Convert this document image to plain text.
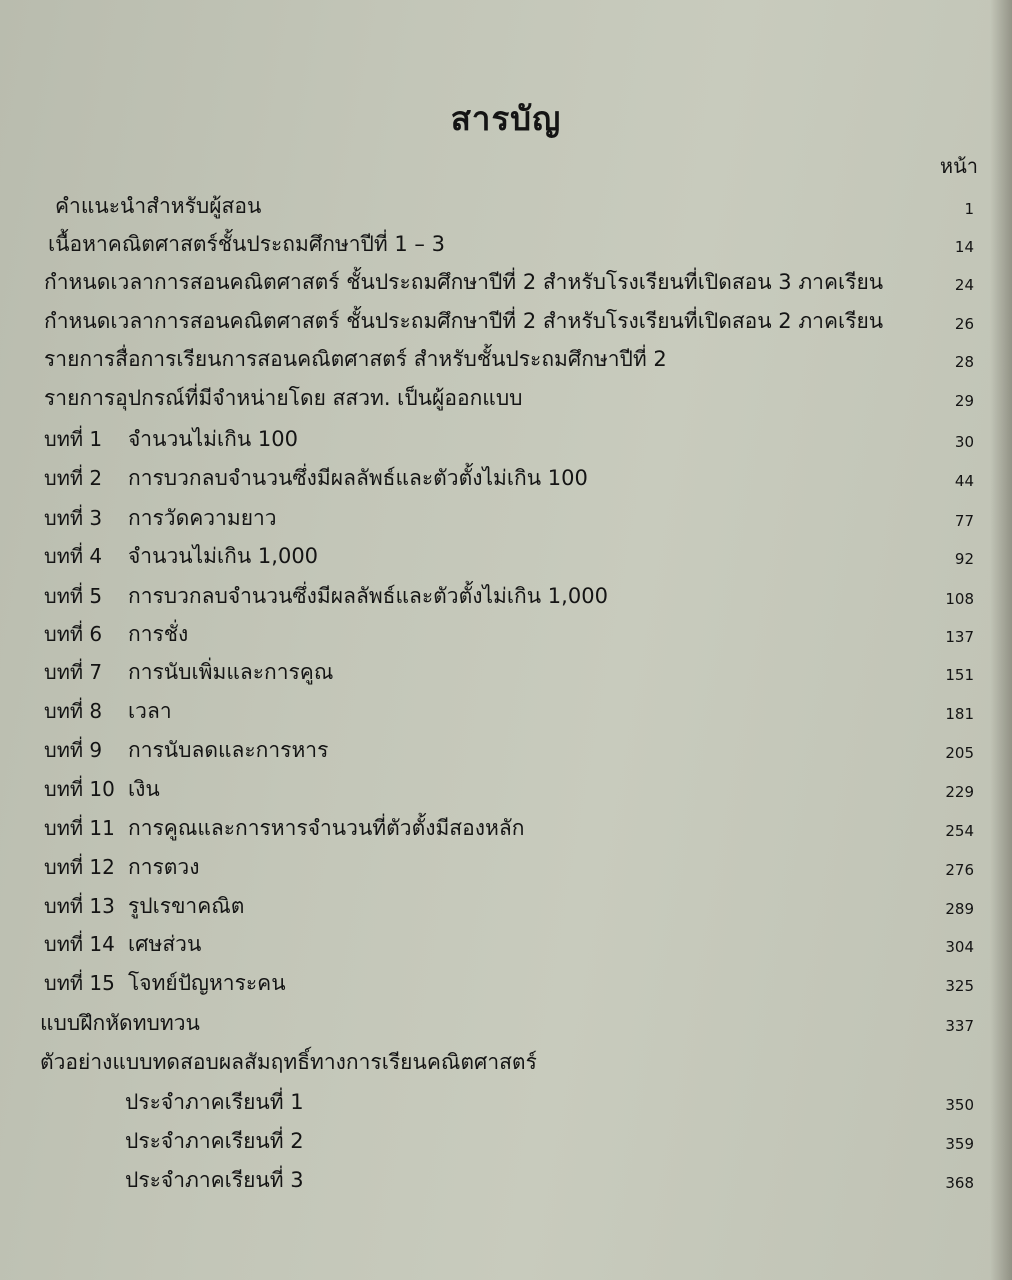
สารบัญ
หน้า
คำแนะนำสำหรับผู้สอน	1
เนื้อหาคณิตศาสตร์ชั้นประถมศึกษาปีที่ 1 – 3	14
กำหนดเวลาการสอนคณิตศาสตร์ ชั้นประถมศึกษาปีที่ 2 สำหรับโรงเรียนที่เปิดสอน 3 ภาคเรียน	24
กำหนดเวลาการสอนคณิตศาสตร์ ชั้นประถมศึกษาปีที่ 2 สำหรับโรงเรียนที่เปิดสอน 2 ภาคเรียน	26
รายการสื่อการเรียนการสอนคณิตศาสตร์ สำหรับชั้นประถมศึกษาปีที่ 2	28
รายการอุปกรณ์ที่มีจำหน่ายโดย สสวท. เป็นผู้ออกแบบ	29
บทที่ 1 จำนวนไม่เกิน 100	30
บทที่ 2 การบวกลบจำนวนซึ่งมีผลลัพธ์และตัวตั้งไม่เกิน 100	44
บทที่ 3 การวัดความยาว	77
บทที่ 4 จำนวนไม่เกิน 1,000	92
บทที่ 5 การบวกลบจำนวนซึ่งมีผลลัพธ์และตัวตั้งไม่เกิน 1,000	108
บทที่ 6 การชั่ง	137
บทที่ 7 การนับเพิ่มและการคูณ	151
บทที่ 8 เวลา	181
บทที่ 9 การนับลดและการหาร	205
บทที่ 10 เงิน	229
บทที่ 11 การคูณและการหารจำนวนที่ตัวตั้งมีสองหลัก	254
บทที่ 12 การตวง	276
บทที่ 13 รูปเรขาคณิต	289
บทที่ 14 เศษส่วน	304
บทที่ 15 โจทย์ปัญหาระคน	325
แบบฝึกหัดทบทวน	337
ตัวอย่างแบบทดสอบผลสัมฤทธิ์ทางการเรียนคณิตศาสตร์
ประจำภาคเรียนที่ 1	350
ประจำภาคเรียนที่ 2	359
ประจำภาคเรียนที่ 3	368
